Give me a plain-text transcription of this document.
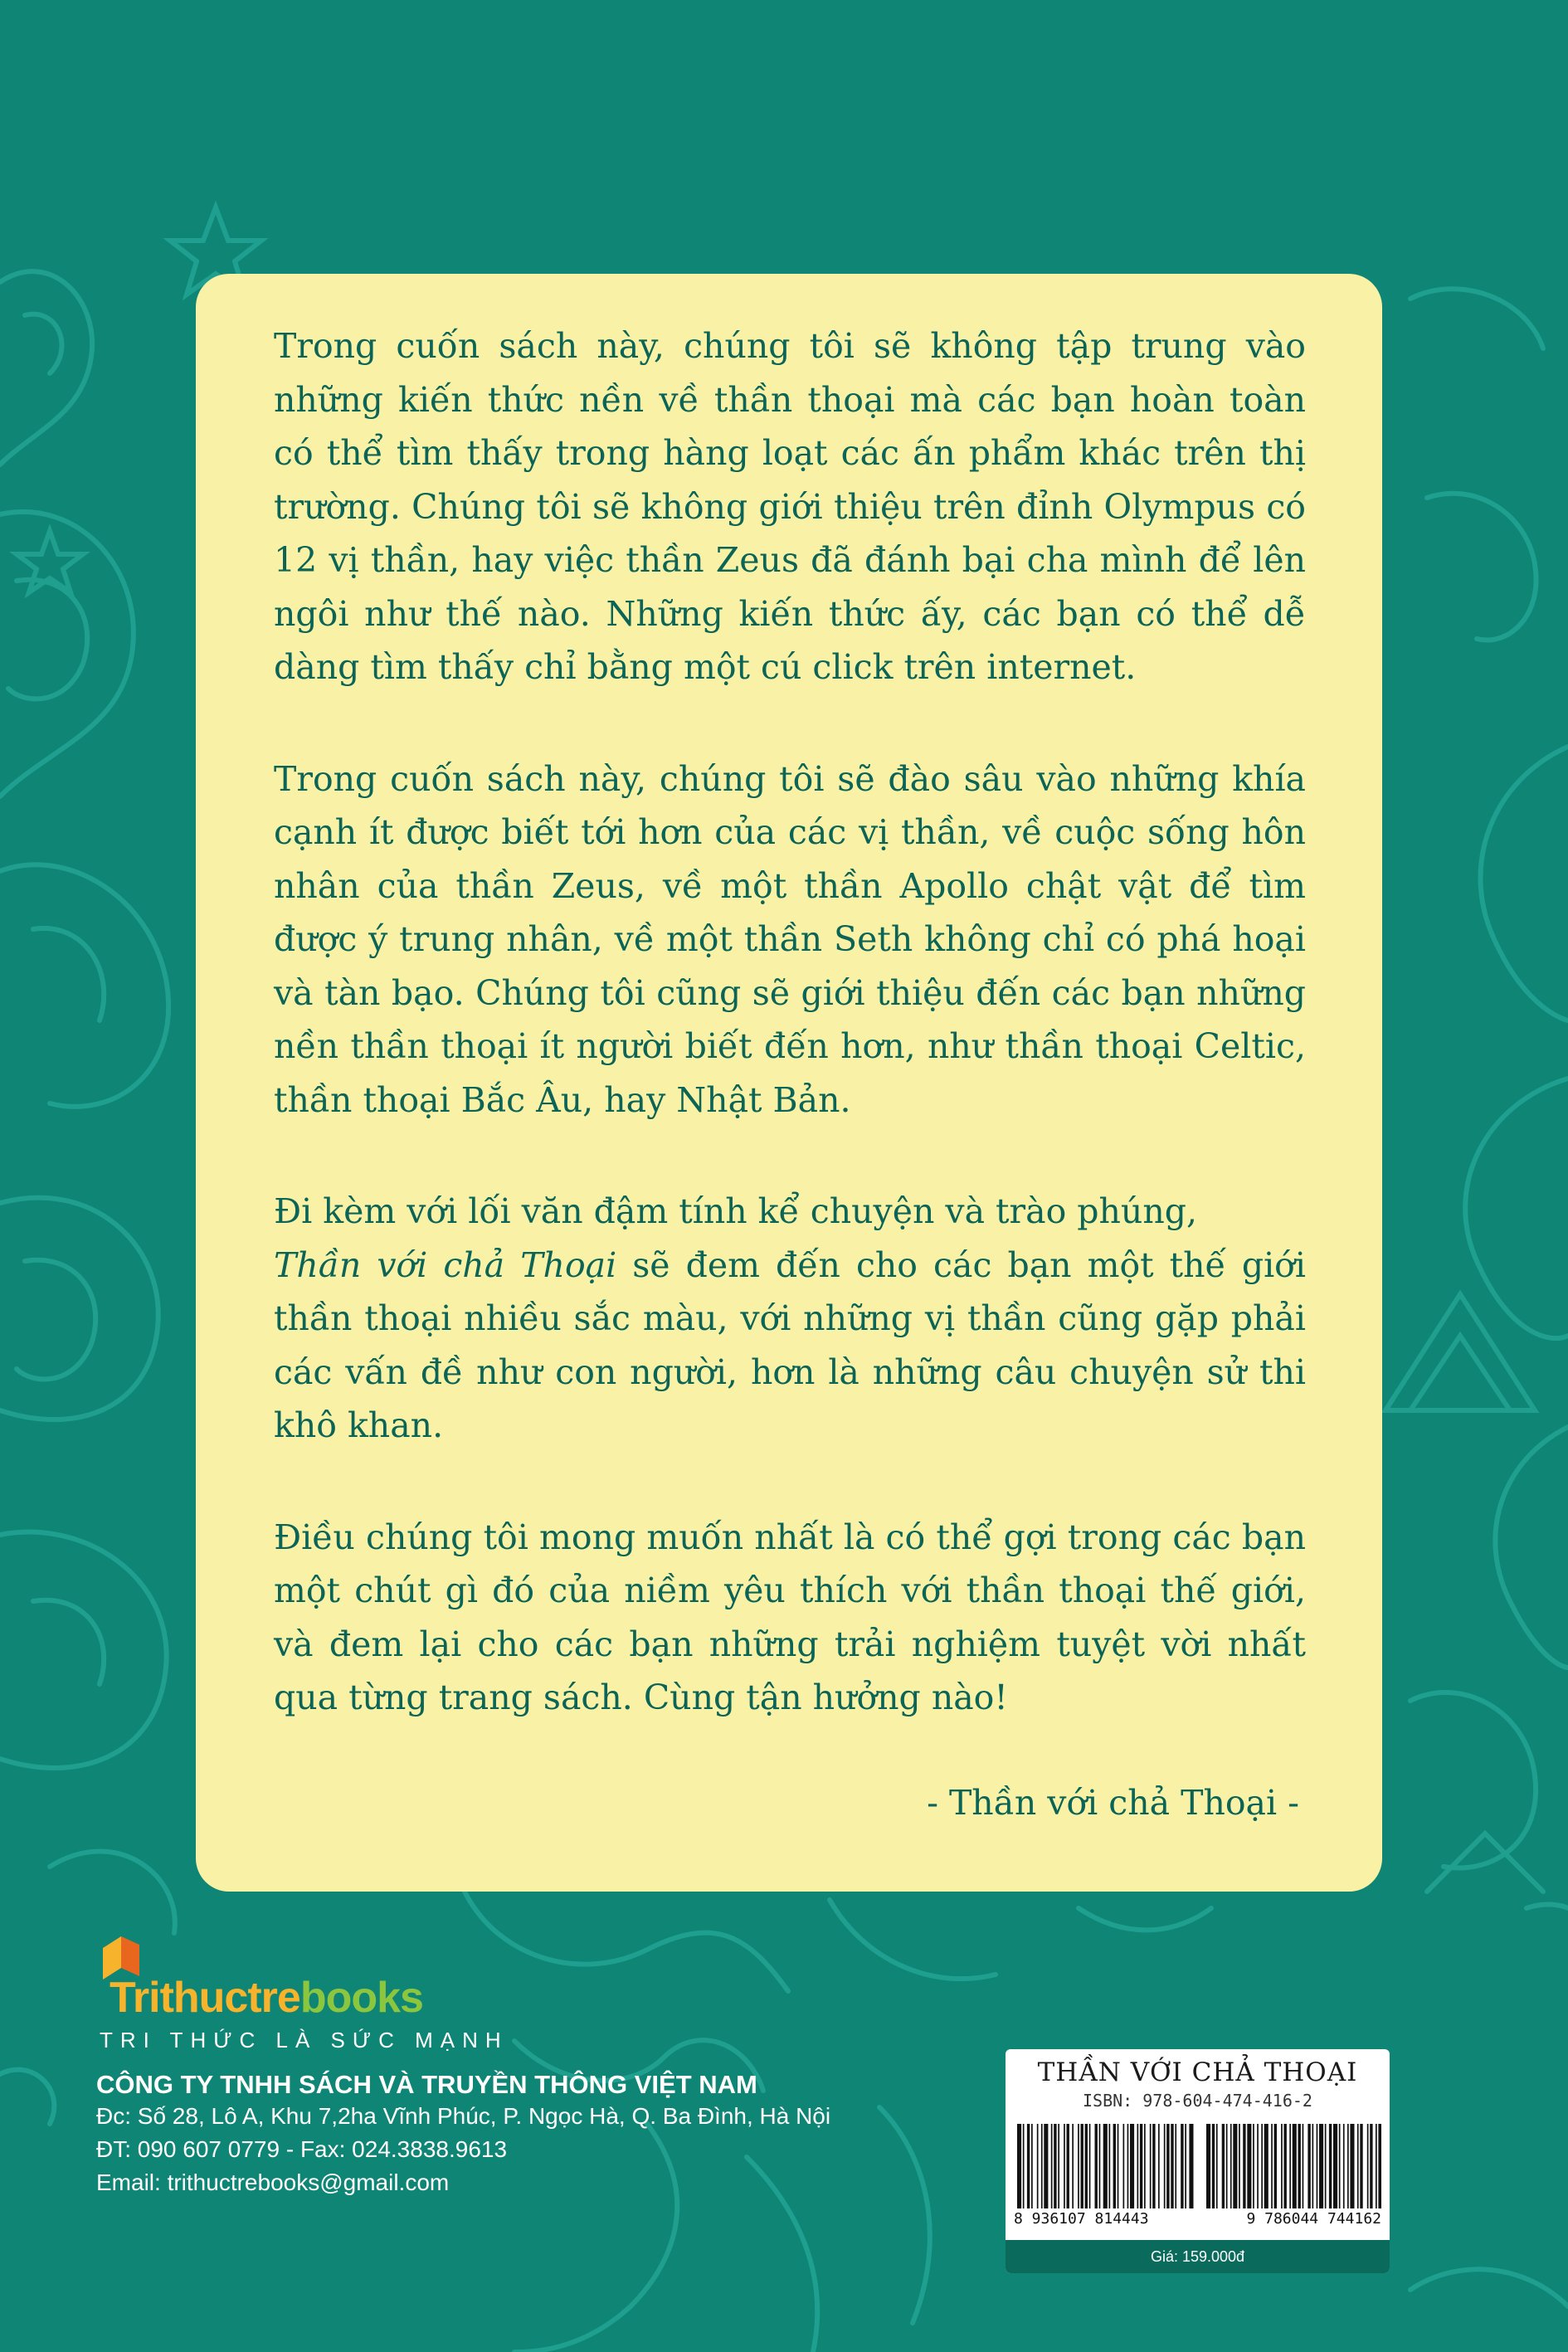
Trong cuốn sách này, chúng tôi sẽ không tập trung vào những kiến thức nền về thần thoại mà các bạn hoàn toàn có thể tìm thấy trong hàng loạt các ấn phẩm khác trên thị trường. Chúng tôi sẽ không giới thiệu trên đỉnh Olympus có 12 vị thần, hay việc thần Zeus đã đánh bại cha mình để lên ngôi như thế nào. Những kiến thức ấy, các bạn có thể dễ dàng tìm thấy chỉ bằng một cú click trên internet.

Trong cuốn sách này, chúng tôi sẽ đào sâu vào những khía cạnh ít được biết tới hơn của các vị thần, về cuộc sống hôn nhân của thần Zeus, về một thần Apollo chật vật để tìm được ý trung nhân, về một thần Seth không chỉ có phá hoại và tàn bạo. Chúng tôi cũng sẽ giới thiệu đến các bạn những nền thần thoại ít người biết đến hơn, như thần thoại Celtic, thần thoại Bắc Âu, hay Nhật Bản.

Đi kèm với lối văn đậm tính kể chuyện và trào phúng,
Thần với chả Thoại sẽ đem đến cho các bạn một thế giới thần thoại nhiều sắc màu, với những vị thần cũng gặp phải các vấn đề như con người, hơn là những câu chuyện sử thi khô khan.

Điều chúng tôi mong muốn nhất là có thể gợi trong các bạn một chút gì đó của niềm yêu thích với thần thoại thế giới, và đem lại cho các bạn những trải nghiệm tuyệt vời nhất qua từng trang sách. Cùng tận hưởng nào!

- Thần với chả Thoại -
Trithuctrebooks
TRI THỨC LÀ SỨC MẠNH
CÔNG TY TNHH SÁCH VÀ TRUYỀN THÔNG VIỆT NAM
Đc: Số 28, Lô A, Khu 7,2ha Vĩnh Phúc, P. Ngọc Hà, Q. Ba Đình, Hà Nội
ĐT: 090 607 0779 - Fax: 024.3838.9613
Email: trithuctrebooks@gmail.com
THẦN VỚI CHẢ THOẠI
ISBN: 978-604-474-416-2
8 936107 814443	9 786044 744162
Giá: 159.000đ
